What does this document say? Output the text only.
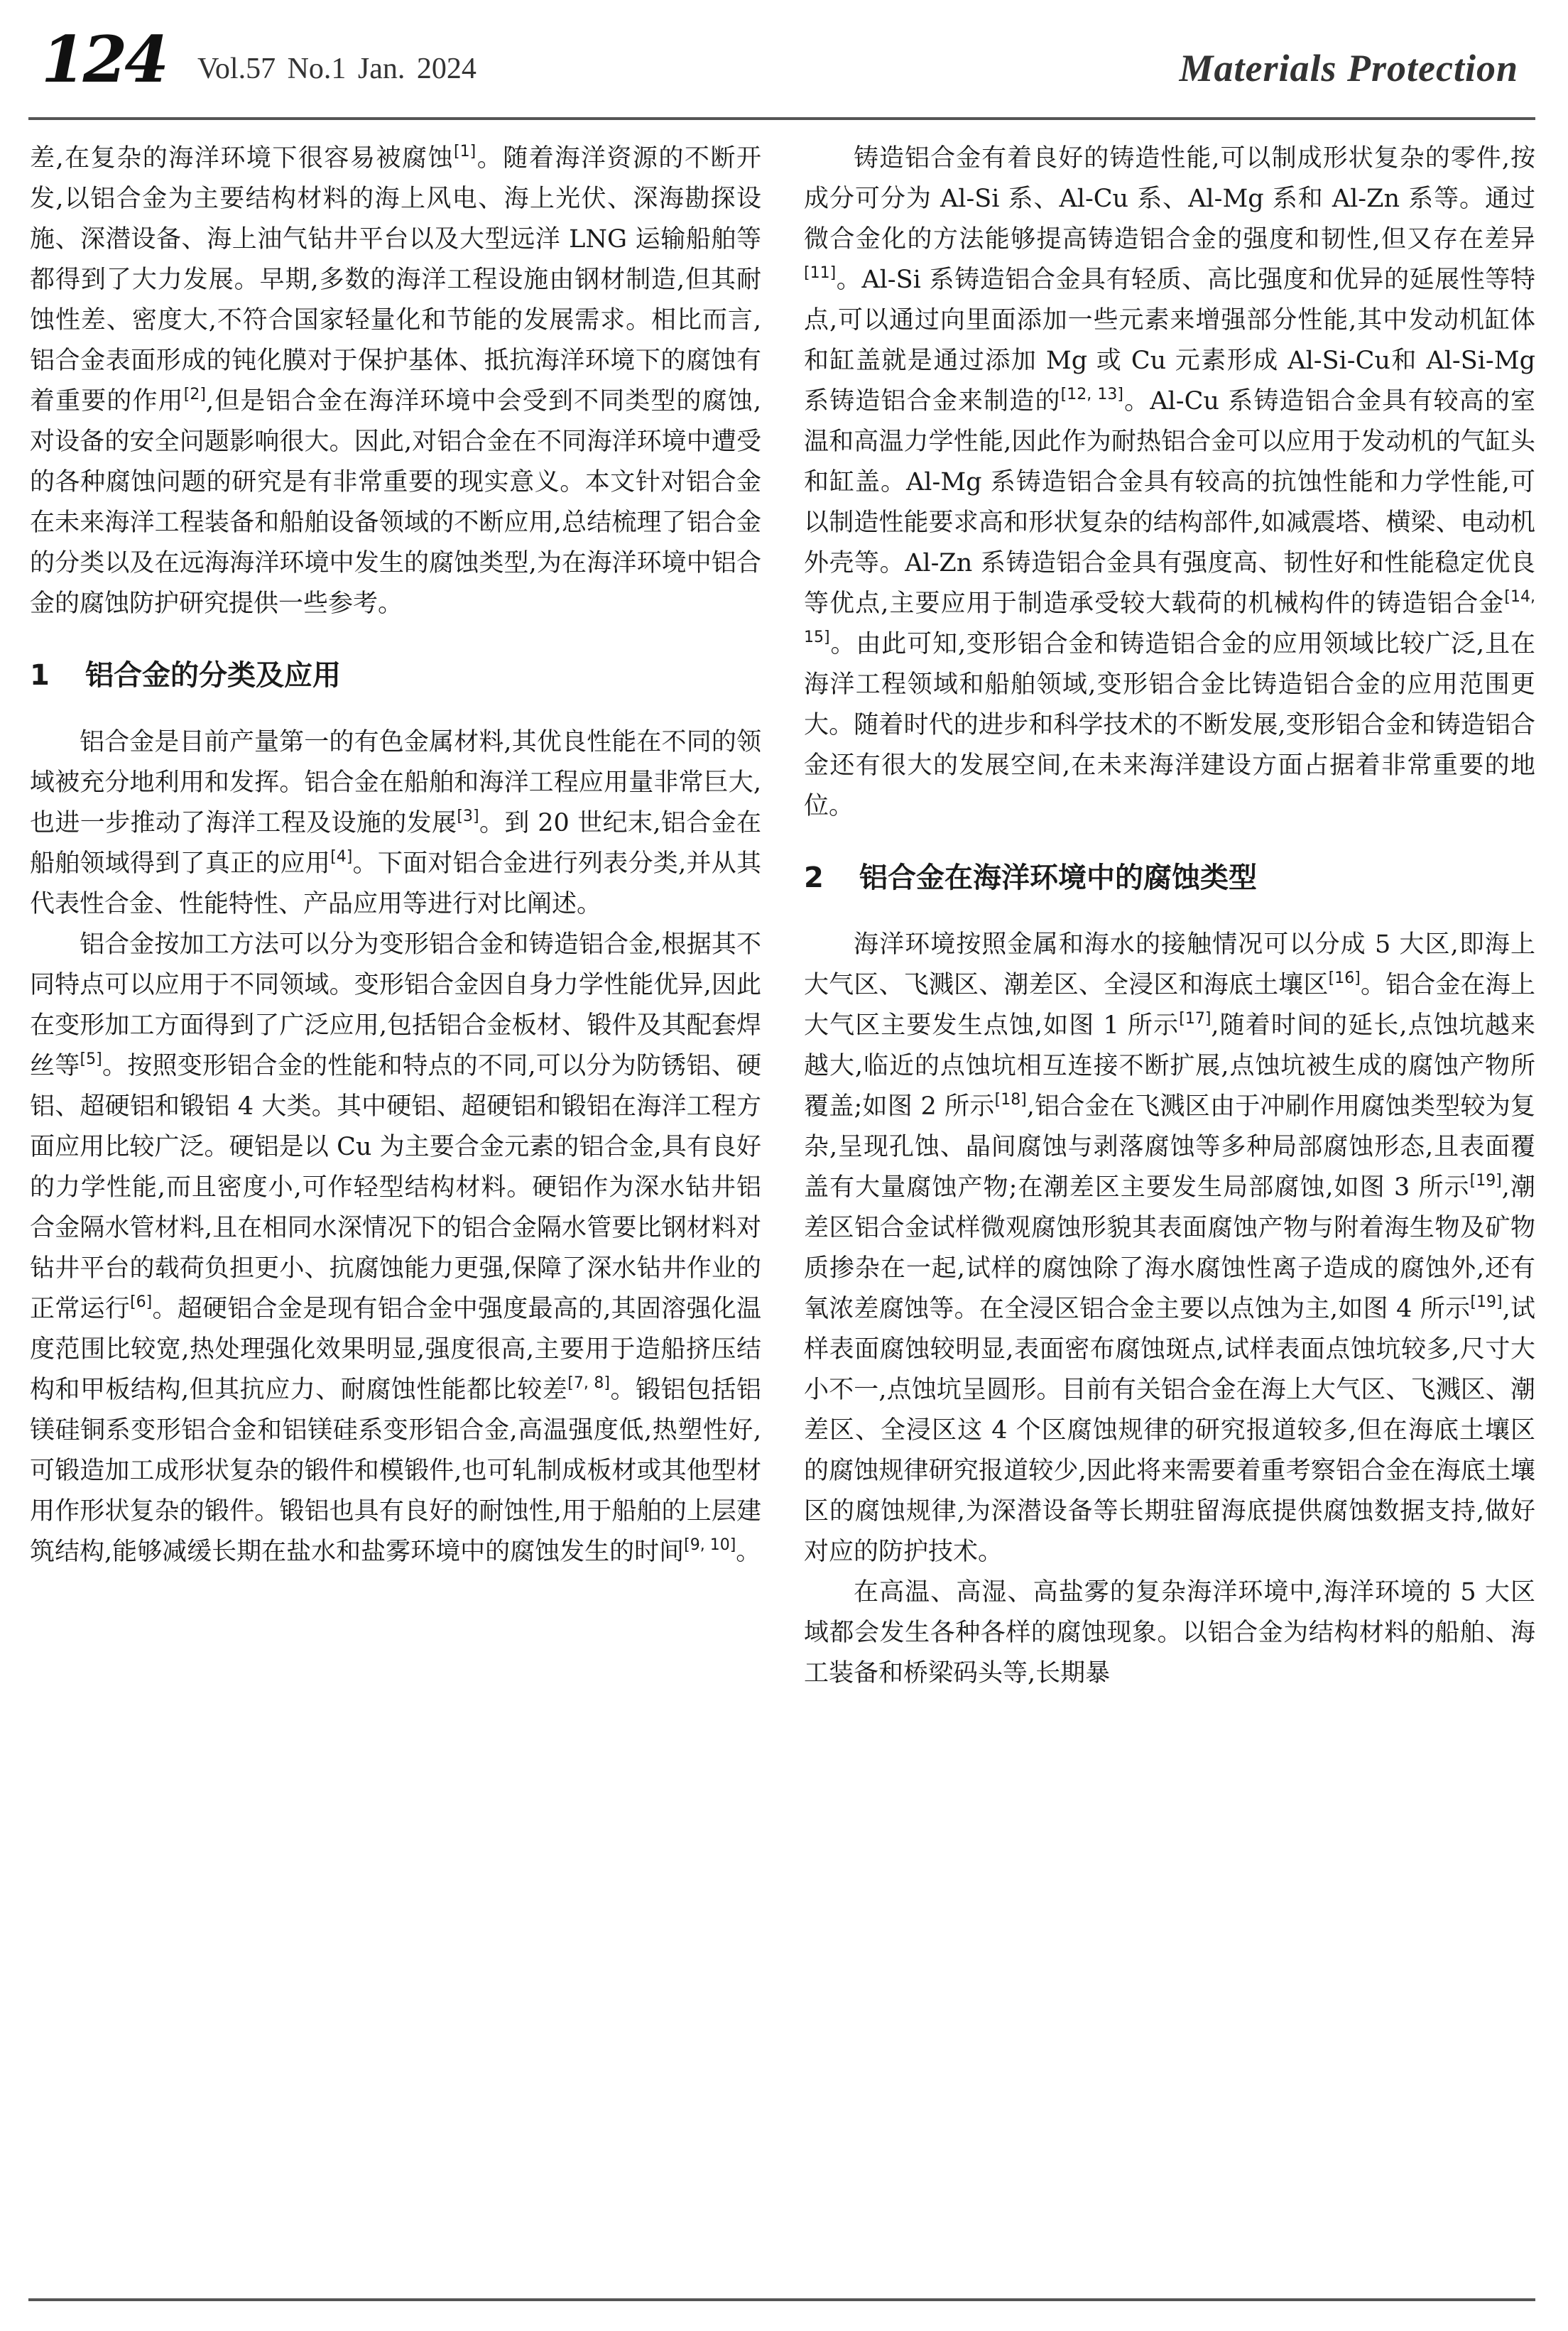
124 Vol.57 No.1 Jan. 2024	Materials Protection

差,在复杂的海洋环境下很容易被腐蚀[1]。随着海洋资源的不断开发,以铝合金为主要结构材料的海上风电、海上光伏、深海勘探设施、深潜设备、海上油气钻井平台以及大型远洋 LNG 运输船舶等都得到了大力发展。早期,多数的海洋工程设施由钢材制造,但其耐蚀性差、密度大,不符合国家轻量化和节能的发展需求。相比而言,铝合金表面形成的钝化膜对于保护基体、抵抗海洋环境下的腐蚀有着重要的作用[2],但是铝合金在海洋环境中会受到不同类型的腐蚀,对设备的安全问题影响很大。因此,对铝合金在不同海洋环境中遭受的各种腐蚀问题的研究是有非常重要的现实意义。本文针对铝合金在未来海洋工程装备和船舶设备领域的不断应用,总结梳理了铝合金的分类以及在远海海洋环境中发生的腐蚀类型,为在海洋环境中铝合金的腐蚀防护研究提供一些参考。

1 铝合金的分类及应用

铝合金是目前产量第一的有色金属材料,其优良性能在不同的领域被充分地利用和发挥。铝合金在船舶和海洋工程应用量非常巨大,也进一步推动了海洋工程及设施的发展[3]。到 20 世纪末,铝合金在船舶领域得到了真正的应用[4]。下面对铝合金进行列表分类,并从其代表性合金、性能特性、产品应用等进行对比阐述。

铝合金按加工方法可以分为变形铝合金和铸造铝合金,根据其不同特点可以应用于不同领域。变形铝合金因自身力学性能优异,因此在变形加工方面得到了广泛应用,包括铝合金板材、锻件及其配套焊丝等[5]。按照变形铝合金的性能和特点的不同,可以分为防锈铝、硬铝、超硬铝和锻铝 4 大类。其中硬铝、超硬铝和锻铝在海洋工程方面应用比较广泛。硬铝是以 Cu 为主要合金元素的铝合金,具有良好的力学性能,而且密度小,可作轻型结构材料。硬铝作为深水钻井铝合金隔水管材料,且在相同水深情况下的铝合金隔水管要比钢材料对钻井平台的载荷负担更小、抗腐蚀能力更强,保障了深水钻井作业的正常运行[6]。超硬铝合金是现有铝合金中强度最高的,其固溶强化温度范围比较宽,热处理强化效果明显,强度很高,主要用于造船挤压结构和甲板结构,但其抗应力、耐腐蚀性能都比较差[7, 8]。锻铝包括铝镁硅铜系变形铝合金和铝镁硅系变形铝合金,高温强度低,热塑性好,可锻造加工成形状复杂的锻件和模锻件,也可轧制成板材或其他型材用作形状复杂的锻件。锻铝也具有良好的耐蚀性,用于船舶的上层建筑结构,能够减缓长期在盐水和盐雾环境中的腐蚀发生的时间[9, 10]。

铸造铝合金有着良好的铸造性能,可以制成形状复杂的零件,按成分可分为 Al-Si 系、Al-Cu 系、Al-Mg 系和 Al-Zn 系等。通过微合金化的方法能够提高铸造铝合金的强度和韧性,但又存在差异[11]。Al-Si 系铸造铝合金具有轻质、高比强度和优异的延展性等特点,可以通过向里面添加一些元素来增强部分性能,其中发动机缸体和缸盖就是通过添加 Mg 或 Cu 元素形成 Al-Si-Cu和 Al-Si-Mg 系铸造铝合金来制造的[12, 13]。Al-Cu 系铸造铝合金具有较高的室温和高温力学性能,因此作为耐热铝合金可以应用于发动机的气缸头和缸盖。Al-Mg 系铸造铝合金具有较高的抗蚀性能和力学性能,可以制造性能要求高和形状复杂的结构部件,如减震塔、横梁、电动机外壳等。Al-Zn 系铸造铝合金具有强度高、韧性好和性能稳定优良等优点,主要应用于制造承受较大载荷的机械构件的铸造铝合金[14, 15]。由此可知,变形铝合金和铸造铝合金的应用领域比较广泛,且在海洋工程领域和船舶领域,变形铝合金比铸造铝合金的应用范围更大。随着时代的进步和科学技术的不断发展,变形铝合金和铸造铝合金还有很大的发展空间,在未来海洋建设方面占据着非常重要的地位。

2 铝合金在海洋环境中的腐蚀类型

海洋环境按照金属和海水的接触情况可以分成 5 大区,即海上大气区、飞溅区、潮差区、全浸区和海底土壤区[16]。铝合金在海上大气区主要发生点蚀,如图 1 所示[17],随着时间的延长,点蚀坑越来越大,临近的点蚀坑相互连接不断扩展,点蚀坑被生成的腐蚀产物所覆盖;如图 2 所示[18],铝合金在飞溅区由于冲刷作用腐蚀类型较为复杂,呈现孔蚀、晶间腐蚀与剥落腐蚀等多种局部腐蚀形态,且表面覆盖有大量腐蚀产物;在潮差区主要发生局部腐蚀,如图 3 所示[19],潮差区铝合金试样微观腐蚀形貌其表面腐蚀产物与附着海生物及矿物质掺杂在一起,试样的腐蚀除了海水腐蚀性离子造成的腐蚀外,还有氧浓差腐蚀等。在全浸区铝合金主要以点蚀为主,如图 4 所示[19],试样表面腐蚀较明显,表面密布腐蚀斑点,试样表面点蚀坑较多,尺寸大小不一,点蚀坑呈圆形。目前有关铝合金在海上大气区、飞溅区、潮差区、全浸区这 4 个区腐蚀规律的研究报道较多,但在海底土壤区的腐蚀规律研究报道较少,因此将来需要着重考察铝合金在海底土壤区的腐蚀规律,为深潜设备等长期驻留海底提供腐蚀数据支持,做好对应的防护技术。

在高温、高湿、高盐雾的复杂海洋环境中,海洋环境的 5 大区域都会发生各种各样的腐蚀现象。以铝合金为结构材料的船舶、海工装备和桥梁码头等,长期暴
